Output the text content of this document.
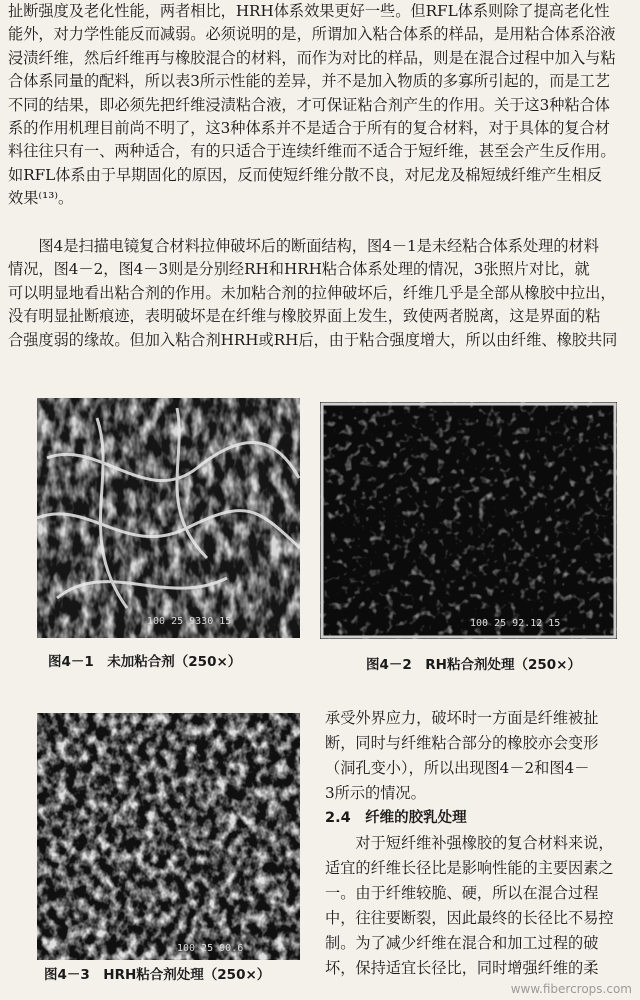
扯断强度及老化性能，两者相比，HRH体系效果更好一些。但RFL体系则除了提高老化性
能外，对力学性能反而减弱。必须说明的是，所谓加入粘合体系的样品，是用粘合体系浴液
浸渍纤维，然后纤维再与橡胶混合的材料，而作为对比的样品，则是在混合过程中加入与粘
合体系同量的配料，所以表3所示性能的差异，并不是加入物质的多寡所引起的，而是工艺
不同的结果，即必须先把纤维浸渍粘合液，才可保证粘合剂产生的作用。关于这3种粘合体
系的作用机理目前尚不明了，这3种体系并不是适合于所有的复合材料，对于具体的复合材
料往往只有一、两种适合，有的只适合于连续纤维而不适合于短纤维，甚至会产生反作用。
如RFL体系由于早期固化的原因，反而使短纤维分散不良，对尼龙及棉短绒纤维产生相反
效果⁽¹³⁾。
　　图4是扫描电镜复合材料拉伸破坏后的断面结构，图4－1是未经粘合体系处理的材料
情况，图4－2，图4－3则是分别经RH和HRH粘合体系处理的情况，3张照片对比，就
可以明显地看出粘合剂的作用。未加粘合剂的拉伸破坏后，纤维几乎是全部从橡胶中拉出，
没有明显扯断痕迹，表明破坏是在纤维与橡胶界面上发生，致使两者脱离，这是界面的粘
合强度弱的缘故。但加入粘合剂HRH或RH后，由于粘合强度增大，所以由纤维、橡胶共同
100 25 9330 15
图4－1　未加粘合剂（250×）
100 25 92.12 15
图4－2　RH粘合剂处理（250×）
100 25 90.6
图4－3　HRH粘合剂处理（250×）
承受外界应力，破坏时一方面是纤维被扯
断，同时与纤维粘合部分的橡胶亦会变形
（洞孔变小），所以出现图4－2和图4－
3所示的情况。
2.4　纤维的胶乳处理
　　对于短纤维补强橡胶的复合材料来说，
适宜的纤维长径比是影响性能的主要因素之
一。由于纤维较脆、硬，所以在混合过程
中，往往要断裂，因此最终的长径比不易控
制。为了减少纤维在混合和加工过程的破
坏，保持适宜长径比，同时增强纤维的柔
www.fibercrops.com
